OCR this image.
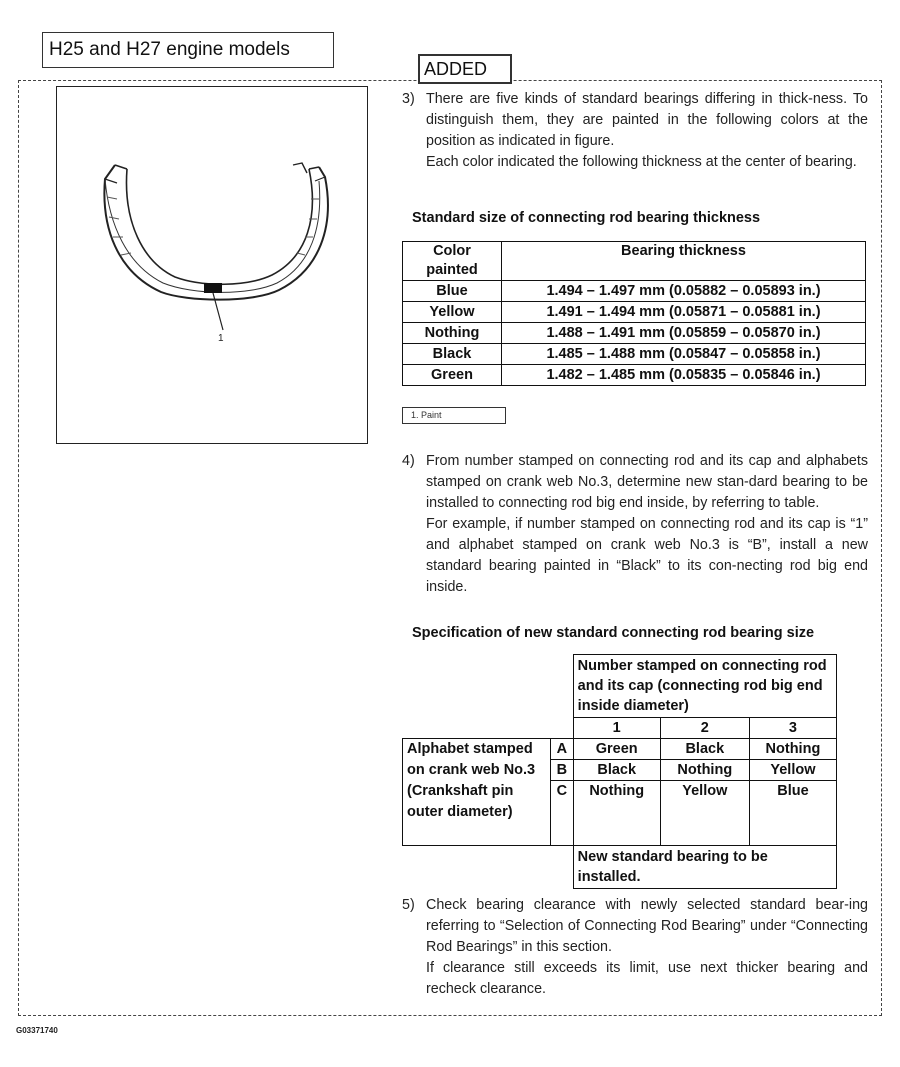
H25 and H27 engine models
ADDED
1
3) There are five kinds of standard bearings differing in thick-ness. To distinguish them, they are painted in the following colors at the position as indicated in figure.

Each color indicated the following thickness at the center of bearing.

Standard size of connecting rod bearing thickness
Color painted	Bearing thickness
Blue	1.494 – 1.497 mm (0.05882 – 0.05893 in.)
Yellow	1.491 – 1.494 mm (0.05871 – 0.05881 in.)
Nothing	1.488 – 1.491 mm (0.05859 – 0.05870 in.)
Black	1.485 – 1.488 mm (0.05847 – 0.05858 in.)
Green	1.482 – 1.485 mm (0.05835 – 0.05846 in.)
1. Paint
4) From number stamped on connecting rod and its cap and alphabets stamped on crank web No.3, determine new stan-dard bearing to be installed to connecting rod big end inside, by referring to table.

For example, if number stamped on connecting rod and its cap is “1” and alphabet stamped on crank web No.3 is “B”, install a new standard bearing painted in “Black” to its con-necting rod big end inside.

Specification of new standard connecting rod bearing size
		Number stamped on connecting rod and its cap (connecting rod big end inside diameter)		
		1	2	3
Alphabet stamped on crank web No.3 (Crankshaft pin outer diameter)	A	Green	Black	Nothing
	B	Black	Nothing	Yellow
	C	Nothing	Yellow	Blue

		New standard bearing to be installed.		
5) Check bearing clearance with newly selected standard bear-ing referring to “Selection of Connecting Rod Bearing” under “Connecting Rod Bearings” in this section.

If clearance still exceeds its limit, use next thicker bearing and recheck clearance.

G03371740
